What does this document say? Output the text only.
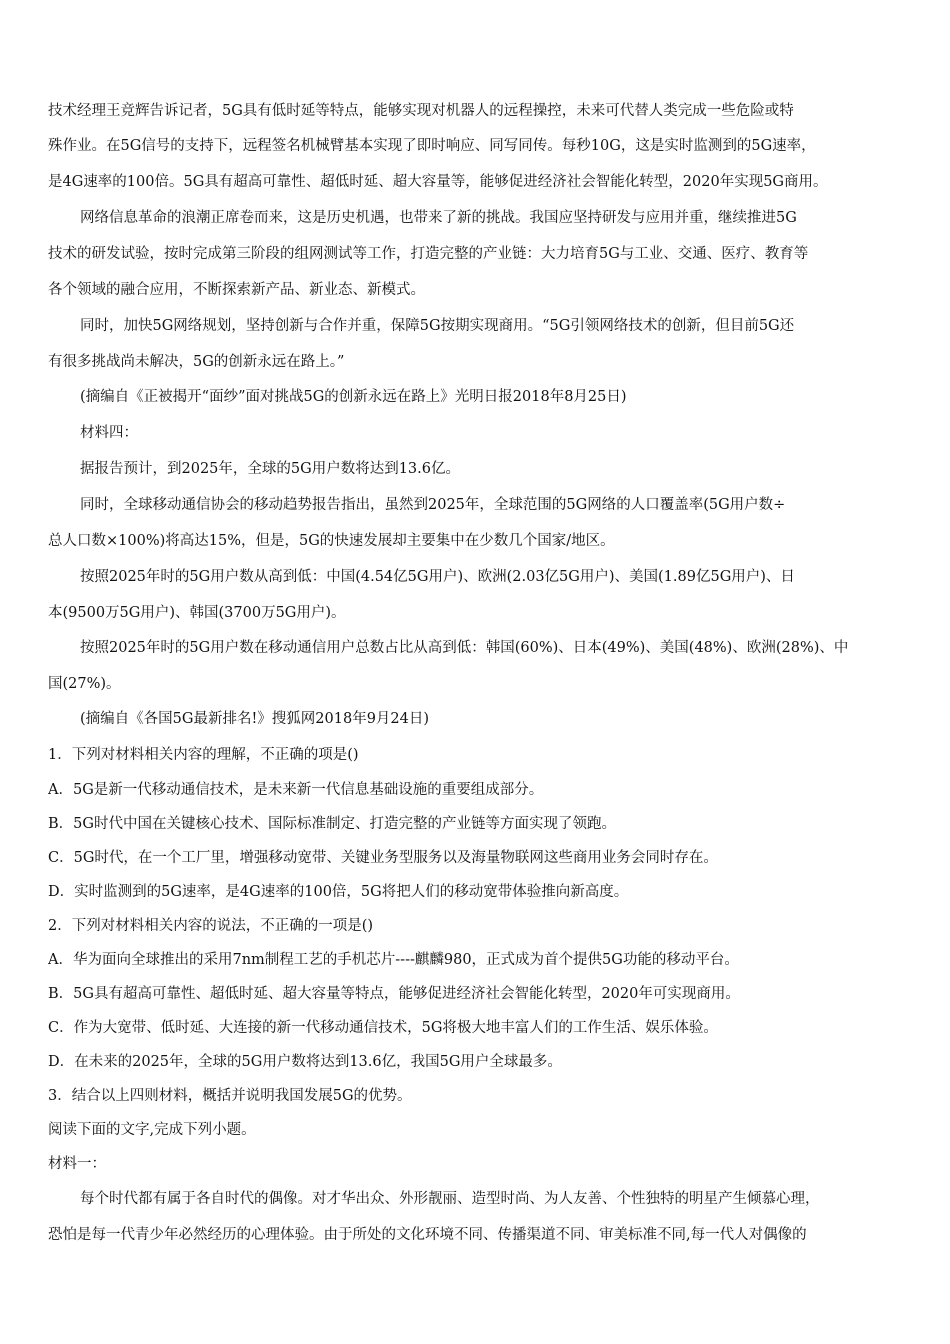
技术经理王竞辉告诉记者，5G具有低时延等特点，能够实现对机器人的远程操控，未来可代替人类完成一些危险或特
殊作业。在5G信号的支持下，远程签名机械臂基本实现了即时响应、同写同传。每秒10G，这是实时监测到的5G速率，
是4G速率的100倍。5G具有超高可靠性、超低时延、超大容量等，能够促进经济社会智能化转型，2020年实现5G商用。
网络信息革命的浪潮正席卷而来，这是历史机遇，也带来了新的挑战。我国应坚持研发与应用并重，继续推进5G
技术的研发试验，按时完成第三阶段的组网测试等工作，打造完整的产业链：大力培育5G与工业、交通、医疗、教育等
各个领域的融合应用，不断探索新产品、新业态、新模式。
同时，加快5G网络规划，坚持创新与合作并重，保障5G按期实现商用。“5G引领网络技术的创新，但目前5G还
有很多挑战尚未解决，5G的创新永远在路上。”
(摘编自《正被揭开“面纱”面对挑战5G的创新永远在路上》光明日报2018年8月25日)
材料四：
据报告预计，到2025年，全球的5G用户数将达到13.6亿。
同时，全球移动通信协会的移动趋势报告指出，虽然到2025年，全球范围的5G网络的人口覆盖率(5G用户数÷
总人口数×100%)将高达15%，但是，5G的快速发展却主要集中在少数几个国家/地区。
按照2025年时的5G用户数从高到低：中国(4.54亿5G用户)、欧洲(2.03亿5G用户)、美国(1.89亿5G用户)、日
本(9500万5G用户)、韩国(3700万5G用户)。
按照2025年时的5G用户数在移动通信用户总数占比从高到低：韩国(60%)、日本(49%)、美国(48%)、欧洲(28%)、中
国(27%)。
(摘编自《各国5G最新排名!》搜狐网2018年9月24日)
1．下列对材料相关内容的理解，不正确的项是()
A．5G是新一代移动通信技术，是未来新一代信息基础设施的重要组成部分。
B．5G时代中国在关键核心技术、国际标准制定、打造完整的产业链等方面实现了领跑。
C．5G时代，在一个工厂里，增强移动宽带、关键业务型服务以及海量物联网这些商用业务会同时存在。
D．实时监测到的5G速率，是4G速率的100倍，5G将把人们的移动宽带体验推向新高度。
2．下列对材料相关内容的说法，不正确的一项是()
A．华为面向全球推出的采用7nm制程工艺的手机芯片----麒麟980，正式成为首个提供5G功能的移动平台。
B．5G具有超高可靠性、超低时延、超大容量等特点，能够促进经济社会智能化转型，2020年可实现商用。
C．作为大宽带、低时延、大连接的新一代移动通信技术，5G将极大地丰富人们的工作生活、娱乐体验。
D．在未来的2025年，全球的5G用户数将达到13.6亿，我国5G用户全球最多。
3．结合以上四则材料，概括并说明我国发展5G的优势。
阅读下面的文字,完成下列小题。
材料一：
每个时代都有属于各自时代的偶像。对才华出众、外形靓丽、造型时尚、为人友善、个性独特的明星产生倾慕心理，
恐怕是每一代青少年必然经历的心理体验。由于所处的文化环境不同、传播渠道不同、审美标准不同,每一代人对偶像的
